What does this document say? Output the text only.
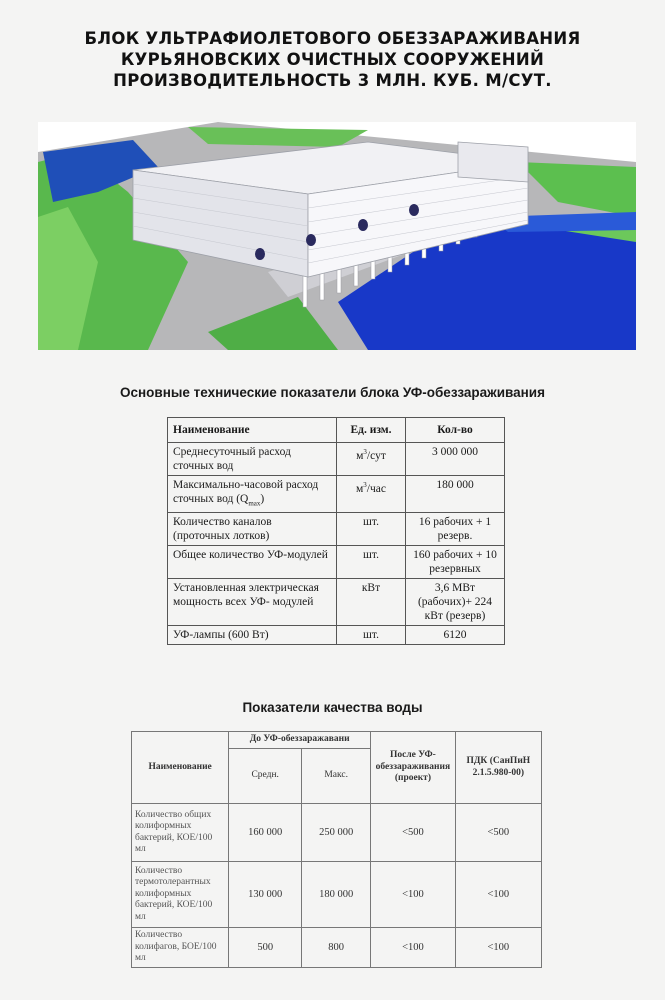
БЛОК УЛЬТРАФИОЛЕТОВОГО ОБЕЗЗАРАЖИВАНИЯ
КУРЬЯНОВСКИХ ОЧИСТНЫХ СООРУЖЕНИЙ
ПРОИЗВОДИТЕЛЬНОСТЬ 3 МЛН. КУБ. М/СУТ.
Основные технические показатели блока УФ-обеззараживания
Наименование	Ед. изм.	Кол-во
Среднесуточный расход сточных вод	$м^3$/сут	3 000 000
Максимально-часовой расход сточных вод $(Q_{max})$	$м^3$/час	180 000
Количество каналов (проточных лотков)	шт.	16 рабочих + 1 резерв.
Общее количество УФ-модулей	шт.	160 рабочих + 10 резервных
Установленная электрическая мощность всех УФ- модулей	кВт	3,6 МВт (рабочих)+ 224 кВт (резерв)
УФ-лампы (600 Вт)	шт.	6120
Показатели качества воды
Наименование	До УФ-обеззаражавани		После УФ-обеззараживания (проект)	ПДК (СанПиН 2.1.5.980-00)
	Средн.	Макс.		
Количество общих колиформных бактерий, КОЕ/100 мл	160 000	250 000	<500	<500
Количество термотолерантных колиформных бактерий, КОЕ/100 мл	130 000	180 000	<100	<100
Количество колифагов, БОЕ/100 мл	500	800	<100	<100
